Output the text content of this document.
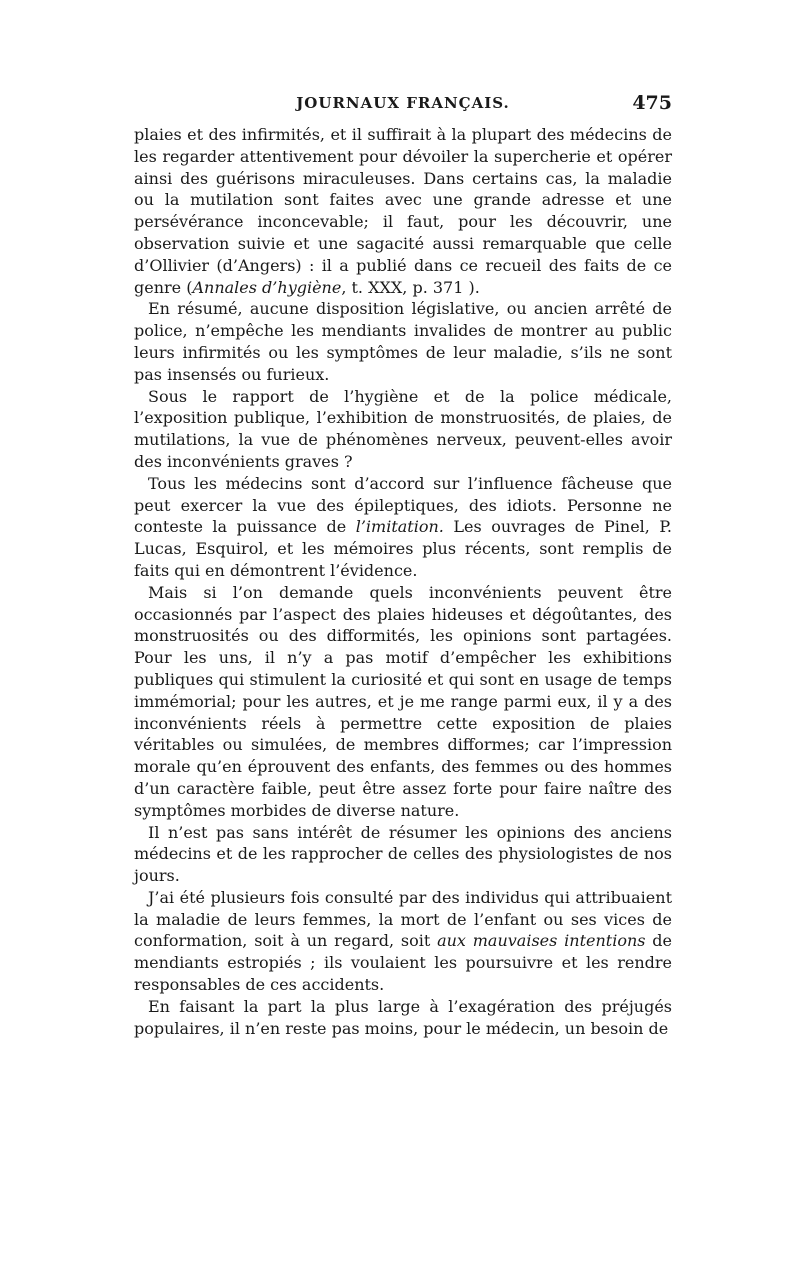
JOURNAUX FRANÇAIS.	475

plaies et des infirmités, et il suffirait à la plupart des médecins de les regarder attentivement pour dévoiler la supercherie et opérer ainsi des guérisons miraculeuses. Dans certains cas, la maladie ou la mutilation sont faites avec une grande adresse et une persévérance inconcevable; il faut, pour les découvrir, une observation suivie et une sagacité aussi remarquable que celle d’Ollivier (d’Angers) : il a publié dans ce recueil des faits de ce genre (Annales d’hygiène, t. XXX, p. 371 ).

En résumé, aucune disposition législative, ou ancien arrêté de police, n’empêche les mendiants invalides de montrer au public leurs infirmités ou les symptômes de leur maladie, s’ils ne sont pas insensés ou furieux.

Sous le rapport de l’hygiène et de la police médicale, l’exposition publique, l’exhibition de monstruosités, de plaies, de mutilations, la vue de phénomènes nerveux, peuvent-elles avoir des inconvénients graves ?

Tous les médecins sont d’accord sur l’influence fâcheuse que peut exercer la vue des épileptiques, des idiots. Personne ne conteste la puissance de l’imitation. Les ouvrages de Pinel, P. Lucas, Esquirol, et les mémoires plus récents, sont remplis de faits qui en démontrent l’évidence.

Mais si l’on demande quels inconvénients peuvent être occasionnés par l’aspect des plaies hideuses et dégoûtantes, des monstruosités ou des difformités, les opinions sont partagées. Pour les uns, il n’y a pas motif d’empêcher les exhibitions publiques qui stimulent la curiosité et qui sont en usage de temps immémorial; pour les autres, et je me range parmi eux, il y a des inconvénients réels à permettre cette exposition de plaies véritables ou simulées, de membres difformes; car l’impression morale qu’en éprouvent des enfants, des femmes ou des hommes d’un caractère faible, peut être assez forte pour faire naître des symptômes morbides de diverse nature.

Il n’est pas sans intérêt de résumer les opinions des anciens médecins et de les rapprocher de celles des physiologistes de nos jours.

J’ai été plusieurs fois consulté par des individus qui attribuaient la maladie de leurs femmes, la mort de l’enfant ou ses vices de conformation, soit à un regard, soit aux mauvaises intentions de mendiants estropiés ; ils voulaient les poursuivre et les rendre responsables de ces accidents.

En faisant la part la plus large à l’exagération des préjugés populaires, il n’en reste pas moins, pour le médecin, un besoin de
